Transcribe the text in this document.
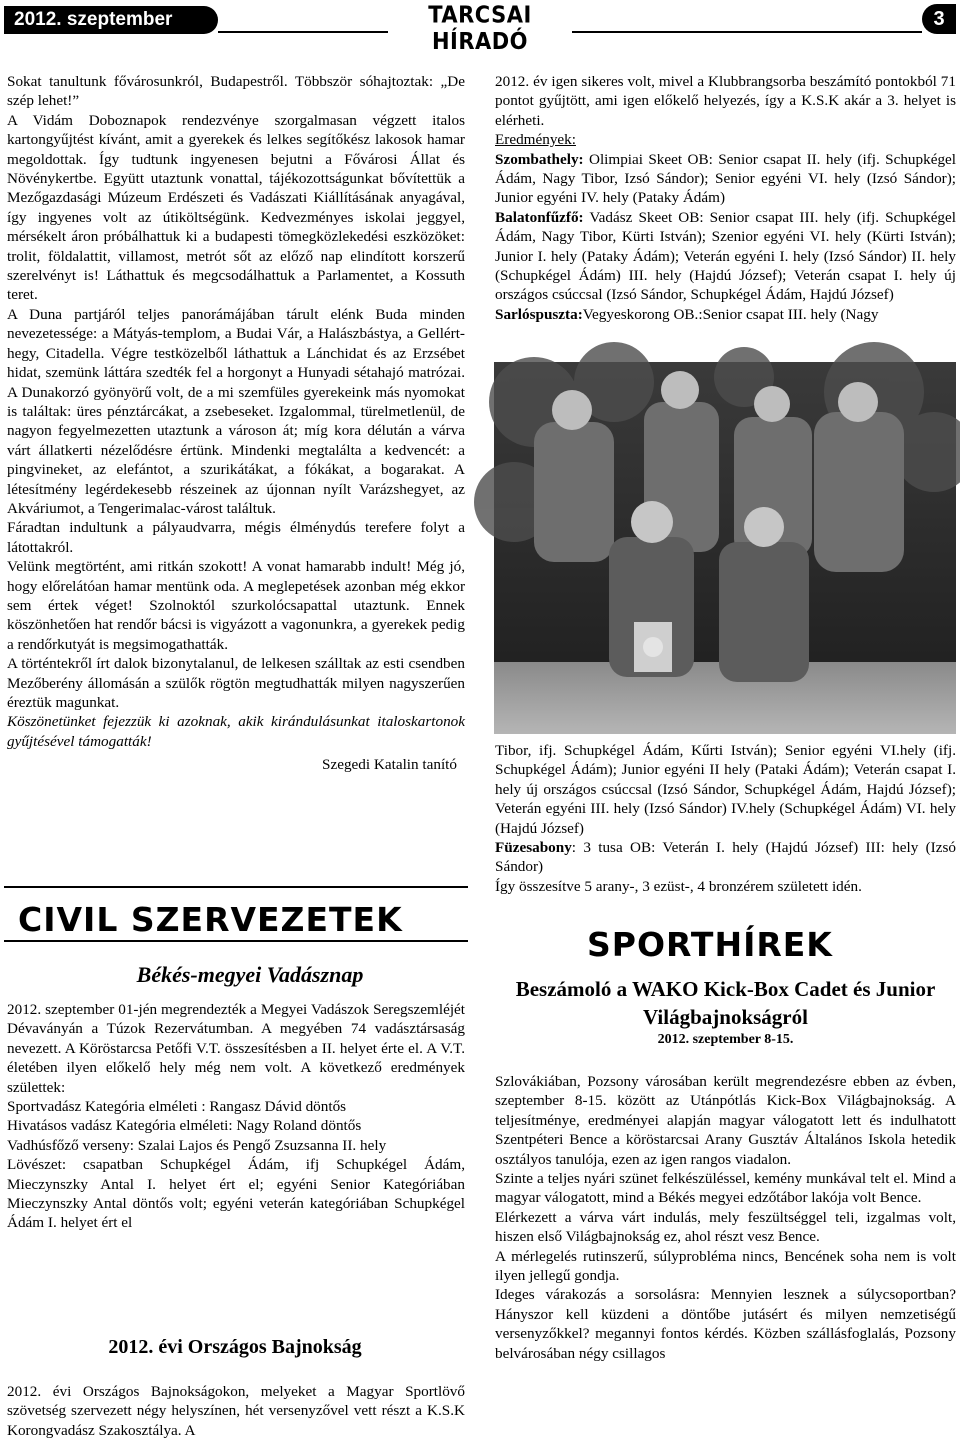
2012. szeptember	TARCSAI HÍRADÓ
3

Sokat tanultunk fővárosunkról, Budapestről. Többször sóhajtoztak: „De szép lehet!”

A Vidám Doboznapok rendezvénye szorgalmasan végzett italos kartongyűjtést kívánt, amit a gyerekek és lelkes segítőkész lakosok hamar megoldottak. Így tudtunk ingyenesen bejutni a Fővárosi Állat és Növénykertbe. Együtt utaztunk vonattal, tájékozottságunkat bővítettük a Mezőgazdasági Múzeum Erdészeti és Vadászati Kiállításának anyagával, így ingyenes volt az útiköltségünk. Kedvezményes iskolai jeggyel, mérsékelt áron próbálhattuk ki a budapesti tömegközlekedési eszközöket: trolit, földalattit, villamost, metrót sőt az előző nap elindított korszerű szerelvényt is! Láthattuk és megcsodálhattuk a Parlamentet, a Kossuth teret.

A Duna partjáról teljes panorámájában tárult elénk Buda minden nevezetessége: a Mátyás-templom, a Budai Vár, a Halászbástya, a Gellért-hegy, Citadella. Végre testközelből láthattuk a Lánchidat és az Erzsébet hidat, szemünk láttára szedték fel a horgonyt a Hunyadi sétahajó matrózai. A Dunakorzó gyönyörű volt, de a mi szemfüles gyerekeink más nyomokat is találtak: üres pénztárcákat, a zsebeseket. Izgalommal, türelmetlenül, de nagyon fegyelmezetten utaztunk a városon át; míg kora délután a várva várt állatkerti nézelődésre értünk. Mindenki megtalálta a kedvencét: a pingvineket, az elefántot, a szurikátákat, a fókákat, a bogarakat. A létesítmény legérdekesebb részeinek az újonnan nyílt Varázshegyet, az Akváriumot, a Tengerimalac-várost találtuk.

Fáradtan indultunk a pályaudvarra, mégis élménydús terefere folyt a látottakról.

Velünk megtörtént, ami ritkán szokott! A vonat hamarabb indult! Még jó, hogy előrelátóan hamar mentünk oda. A meglepetések azonban még ekkor sem értek véget! Szolnoktól szurkolócsapattal utaztunk. Ennek köszönhetően hat rendőr bácsi is vigyázott a vagonunkra, a gyerekek pedig a rendőrkutyát is megsimogathatták.

A történtekről írt dalok bizonytalanul, de lelkesen szálltak az esti csendben Mezőberény állomásán a szülők rögtön megtudhatták milyen nagyszerűen éreztük magunkat.

Köszönetünket fejezzük ki azoknak, akik kirándulásunkat italoskartonok gyűjtésével támogatták!

Szegedi Katalin tanító

CIVIL SZERVEZETEK
Békés-megyei Vadásznap

2012. szeptember 01-jén megrendezték a Megyei Vadászok Seregszemléjét Dévaványán a Túzok Rezervátumban. A megyében 74 vadásztársaság nevezett. A Köröstarcsa Petőfi V.T. összesítésben a II. helyet érte el. A V.T. életében ilyen előkelő hely még nem volt. A következő eredmények születtek:

Sportvadász Kategória elméleti : Rangasz Dávid döntős

Hivatásos vadász Kategória elméleti: Nagy Roland döntős

Vadhúsfőző verseny: Szalai Lajos és Pengő Zsuzsanna II. hely

Lövészet: csapatban Schupkégel Ádám, ifj Schupkégel Ádám, Mieczynszky Antal I. helyet ért el; egyéni Senior Kategóriában Mieczynszky Antal döntős volt; egyéni veterán kategóriában Schupkégel Ádám I. helyet ért el

2012. évi Országos Bajnokság

2012. évi Országos Bajnokságokon, melyeket a Magyar Sportlövő szövetség szervezett négy helyszínen, hét versenyzővel vett részt a K.S.K Korongvadász Szakosztálya. A

2012. év igen sikeres volt, mivel a Klubbrangsorba beszámító pontokból 71 pontot gyűjtött, ami igen előkelő helyezés, így a K.S.K akár a 3. helyet is elérheti.

Eredmények:

Szombathely: Olimpiai Skeet OB: Senior csapat II. hely (ifj. Schupkégel Ádám, Nagy Tibor, Izsó Sándor); Senior egyéni VI. hely (Izsó Sándor); Junior egyéni IV. hely (Pataky Ádám)

Balatonfűzfő: Vadász Skeet OB: Senior csapat III. hely (ifj. Schupkégel Ádám, Nagy Tibor, Kürti István); Szenior egyéni VI. hely (Kürti István); Junior I. hely (Pataky Ádám); Veterán egyéni I. hely (Izsó Sándor) II. hely (Schupkégel Ádám) III. hely (Hajdú József); Veterán csapat I. hely új országos csúccsal (Izsó Sándor, Schupkégel Ádám, Hajdú József)

Sarlóspuszta:Vegyeskorong OB.:Senior csapat III. hely (Nagy

Tibor, ifj. Schupkégel Ádám, Kűrti István); Senior egyéni VI.hely (ifj. Schupkégel Ádám); Junior egyéni II hely (Pataki Ádám); Veterán csapat I. hely új országos csúccsal (Izsó Sándor, Schupkégel Ádám, Hajdú József); Veterán egyéni III. hely (Izsó Sándor) IV.hely (Schupkégel Ádám) VI. hely (Hajdú József)

Füzesabony: 3 tusa OB: Veterán I. hely (Hajdú József) III: hely (Izsó Sándor)

Így összesítve 5 arany-, 3 ezüst-, 4 bronzérem született idén.

SPORTHÍREK
Beszámoló a WAKO Kick-Box Cadet és Junior Világbajnokságról
2012. szeptember 8-15.

Szlovákiában, Pozsony városában került megrendezésre ebben az évben, szeptember 8-15. között az Utánpótlás Kick-Box Világbajnokság. A teljesítménye, eredményei alapján magyar válogatott lett és indulhatott Szentpéteri Bence a köröstarcsai Arany Gusztáv Általános Iskola hetedik osztályos tanulója, ezen az igen rangos viadalon.

Szinte a teljes nyári szünet felkészüléssel, kemény munkával telt el. Mind a magyar válogatott, mind a Békés megyei edzőtábor lakója volt Bence.

Elérkezett a várva várt indulás, mely feszültséggel teli, izgalmas volt, hiszen első Világbajnokság ez, ahol részt vesz Bence.

A mérlegelés rutinszerű, súlyprobléma nincs, Bencének soha nem is volt ilyen jellegű gondja.

Ideges várakozás a sorsolásra: Mennyien lesznek a súlycsoportban? Hányszor kell küzdeni a döntőbe jutásért és milyen nemzetiségű versenyzőkkel? megannyi fontos kérdés. Közben szállásfoglalás, Pozsony belvárosában négy csillagos
